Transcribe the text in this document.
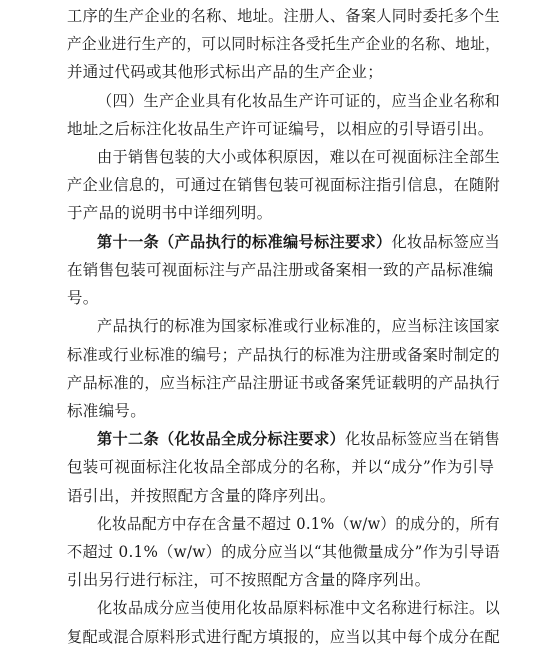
工序的生产企业的名称、地址。注册人、备案人同时委托多个生
产企业进行生产的，可以同时标注各受托生产企业的名称、地址，
并通过代码或其他形式标出产品的生产企业；
（四）生产企业具有化妆品生产许可证的，应当企业名称和
地址之后标注化妆品生产许可证编号，以相应的引导语引出。
由于销售包装的大小或体积原因，难以在可视面标注全部生
产企业信息的，可通过在销售包装可视面标注指引信息，在随附
于产品的说明书中详细列明。
第十一条（产品执行的标准编号标注要求）化妆品标签应当
在销售包装可视面标注与产品注册或备案相一致的产品标准编
号。
产品执行的标准为国家标准或行业标准的，应当标注该国家
标准或行业标准的编号；产品执行的标准为注册或备案时制定的
产品标准的，应当标注产品注册证书或备案凭证载明的产品执行
标准编号。
第十二条（化妆品全成分标注要求）化妆品标签应当在销售
包装可视面标注化妆品全部成分的名称，并以“成分”作为引导
语引出，并按照配方含量的降序列出。
化妆品配方中存在含量不超过 0.1%（w/w）的成分的，所有
不超过 0.1%（w/w）的成分应当以“其他微量成分”作为引导语
引出另行进行标注，可不按照配方含量的降序列出。
化妆品成分应当使用化妆品原料标准中文名称进行标注。以
复配或混合原料形式进行配方填报的，应当以其中每个成分在配
